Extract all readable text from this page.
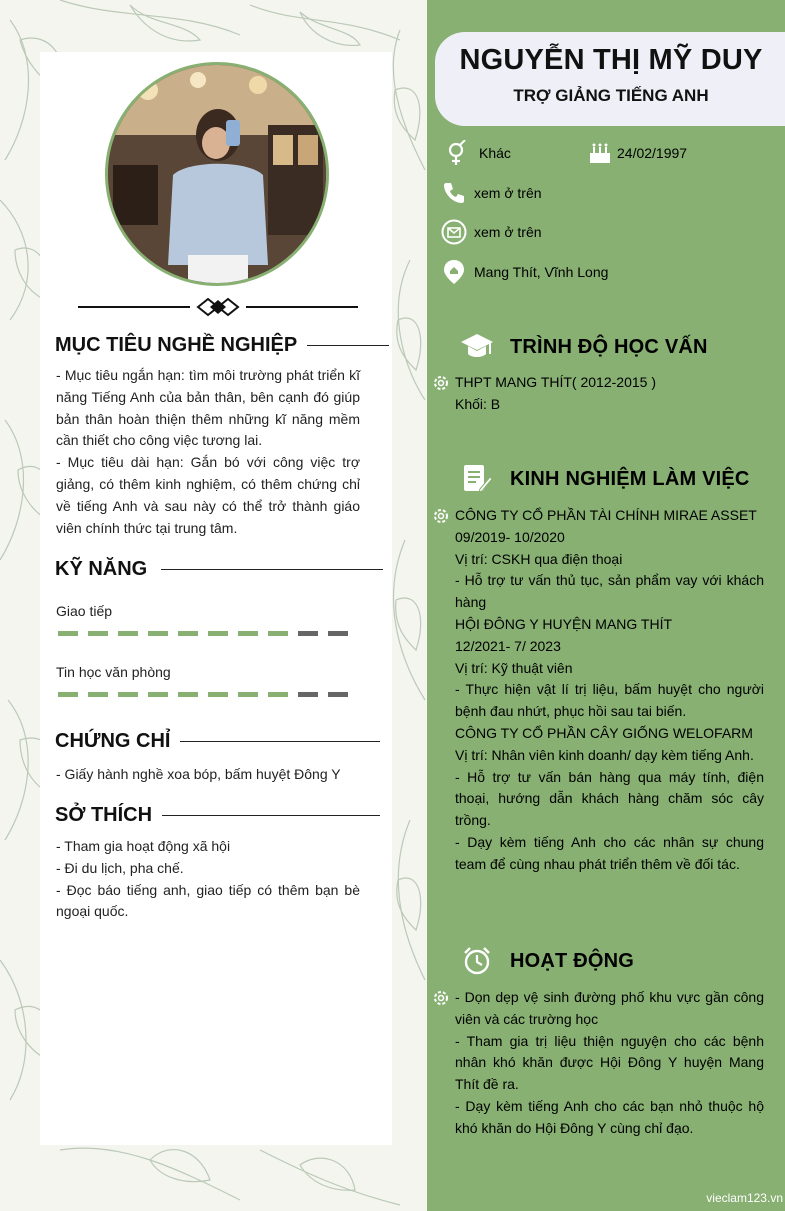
MỤC TIÊU NGHỀ NGHIỆP

- Mục tiêu ngắn hạn: tìm môi trường phát triển kĩ năng Tiếng Anh của bản thân, bên cạnh đó giúp bản thân hoàn thiện thêm những kĩ năng mềm cần thiết cho công việc tương lai.

- Mục tiêu dài hạn: Gắn bó với công việc trợ giảng, có thêm kinh nghiệm, có thêm chứng chỉ về tiếng Anh và sau này có thể trở thành giáo viên chính thức tại trung tâm.

KỸ NĂNG
Giao tiếp
Tin học văn phòng
CHỨNG CHỈ

- Giấy hành nghề xoa bóp, bấm huyệt Đông Y

SỞ THÍCH

- Tham gia hoạt động xã hội

- Đi du lịch, pha chế.

- Đọc báo tiếng anh, giao tiếp có thêm bạn bè ngoại quốc.

NGUYỄN THỊ MỸ DUY
TRỢ GIẢNG TIẾNG ANH
Khác	24/02/1997
xem ở trên
xem ở trên
Mang Thít, Vĩnh Long
TRÌNH ĐỘ HỌC VẤN

THPT MANG THÍT( 2012-2015 )

Khối: B

KINH NGHIỆM LÀM VIỆC

CÔNG TY CỔ PHẦN TÀI CHÍNH MIRAE ASSET

09/2019- 10/2020

Vị trí: CSKH qua điện thoại

- Hỗ trợ tư vấn thủ tục, sản phẩm vay với khách hàng

HỘI ĐÔNG Y HUYỆN MANG THÍT

12/2021- 7/ 2023

Vị trí: Kỹ thuật viên

- Thực hiện vật lí trị liệu, bấm huyệt cho người bệnh đau nhứt, phục hồi sau tai biến.

CÔNG TY CỔ PHẦN CÂY GIỐNG WELOFARM

Vị trí: Nhân viên kinh doanh/ dạy kèm tiếng Anh.

- Hỗ trợ tư vấn bán hàng qua máy tính, điện thoại, hướng dẫn khách hàng chăm sóc cây trồng.

- Dạy kèm tiếng Anh cho các nhân sự chung team để cùng nhau phát triển thêm về đối tác.

HOẠT ĐỘNG

- Dọn dẹp vệ sinh đường phố khu vực gần công viên và các trường học

- Tham gia trị liệu thiện nguyện cho các bệnh nhân khó khăn được Hội Đông Y huyện Mang Thít đề ra.

- Dạy kèm tiếng Anh cho các bạn nhỏ thuộc hộ khó khăn do Hội Đông Y cùng chỉ đạo.

vieclam123.vn
